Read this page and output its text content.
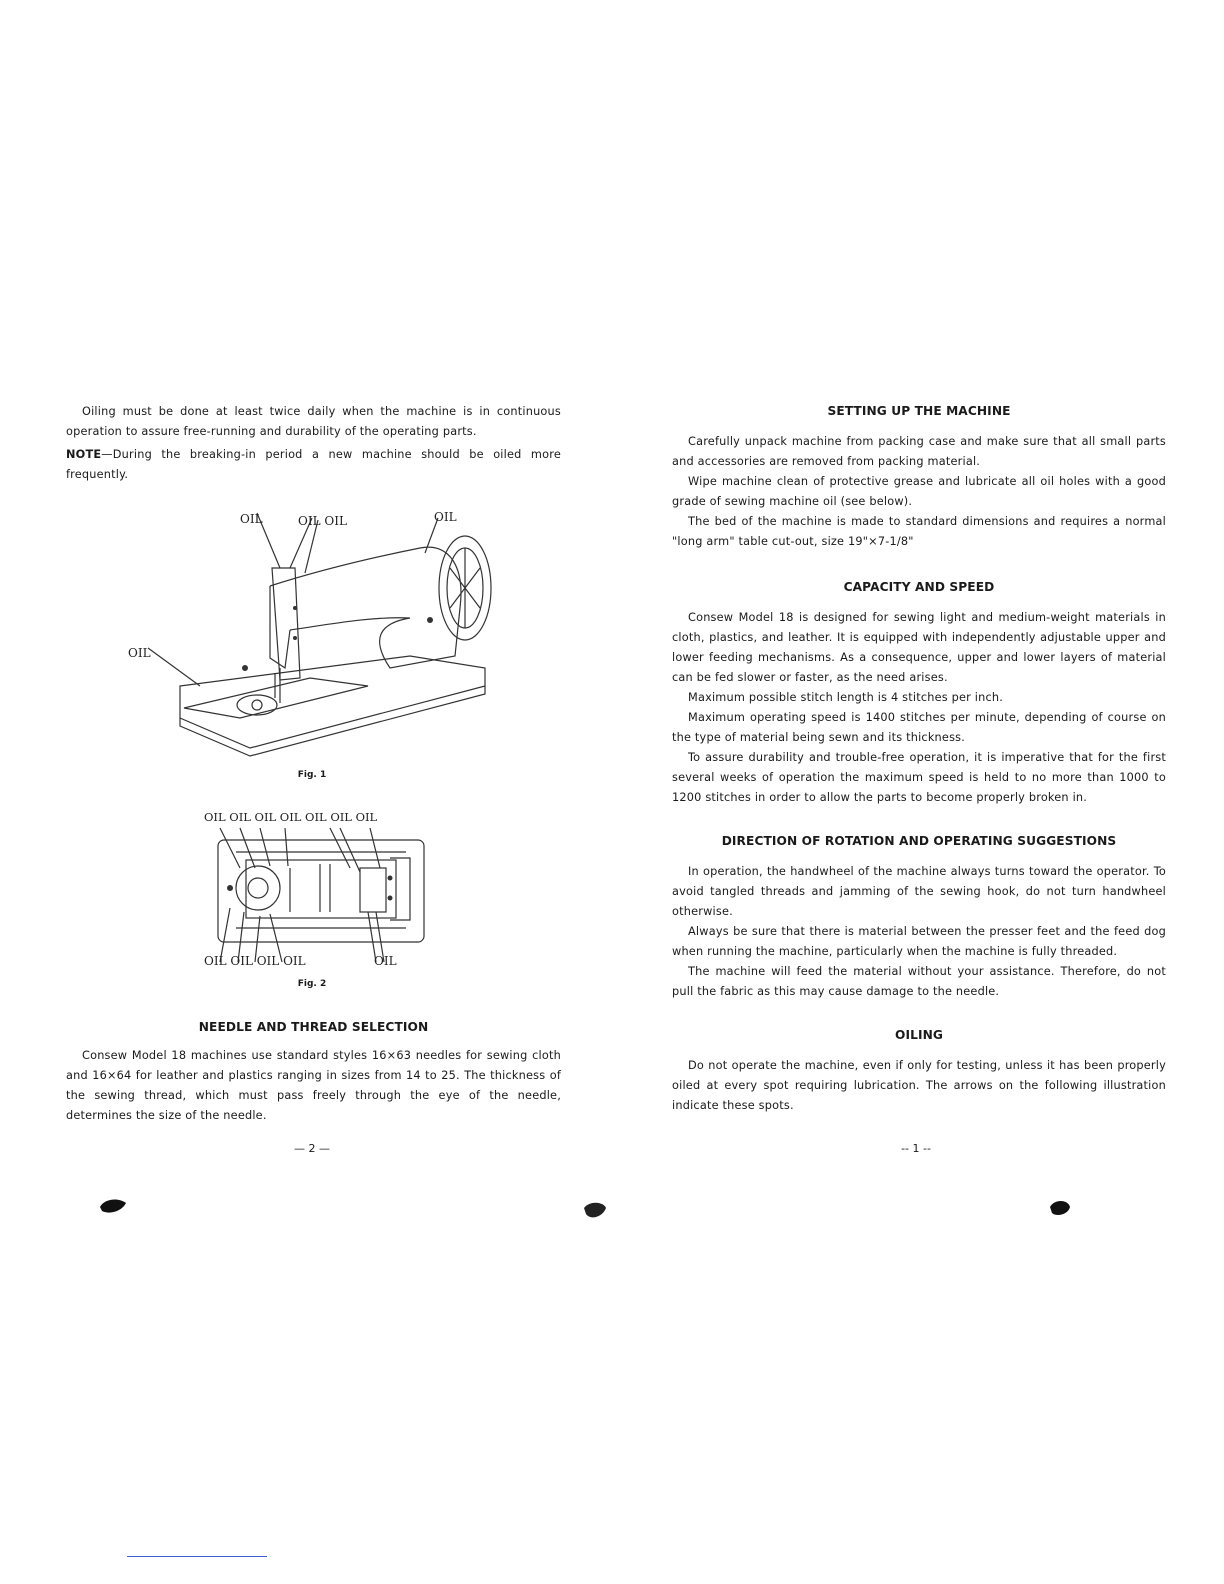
Oiling must be done at least twice daily when the machine is in continuous operation to assure free-running and durability of the operating parts.

NOTE—During the breaking-in period a new machine should be oiled more frequently.

OIL	OIL OIL	OIL
OIL

Fig. 1

OIL OIL OIL OIL OIL OIL OIL
OIL OIL OIL OIL	OIL

Fig. 2

NEEDLE AND THREAD SELECTION

Consew Model 18 machines use standard styles 16×63 needles for sewing cloth and 16×64 for leather and plastics ranging in sizes from 14 to 25. The thickness of the sewing thread, which must pass freely through the eye of the needle, determines the size of the needle.

— 2 —
SETTING UP THE MACHINE

Carefully unpack machine from packing case and make sure that all small parts and accessories are removed from packing material.

Wipe machine clean of protective grease and lubricate all oil holes with a good grade of sewing machine oil (see below).

The bed of the machine is made to standard dimensions and requires a normal "long arm" table cut-out, size 19"×7-1/8"

CAPACITY AND SPEED

Consew Model 18 is designed for sewing light and medium-weight materials in cloth, plastics, and leather. It is equipped with independently adjustable upper and lower feeding mechanisms. As a consequence, upper and lower layers of material can be fed slower or faster, as the need arises.

Maximum possible stitch length is 4 stitches per inch.

Maximum operating speed is 1400 stitches per minute, depending of course on the type of material being sewn and its thickness.

To assure durability and trouble-free operation, it is imperative that for the first several weeks of operation the maximum speed is held to no more than 1000 to 1200 stitches in order to allow the parts to become properly broken in.

DIRECTION OF ROTATION AND OPERATING SUGGESTIONS

In operation, the handwheel of the machine always turns toward the operator. To avoid tangled threads and jamming of the sewing hook, do not turn handwheel otherwise.

Always be sure that there is material between the presser feet and the feed dog when running the machine, particularly when the machine is fully threaded.

The machine will feed the material without your assistance. Therefore, do not pull the fabric as this may cause damage to the needle.

OILING

Do not operate the machine, even if only for testing, unless it has been properly oiled at every spot requiring lubrication. The arrows on the following illustration indicate these spots.

-- 1 --
